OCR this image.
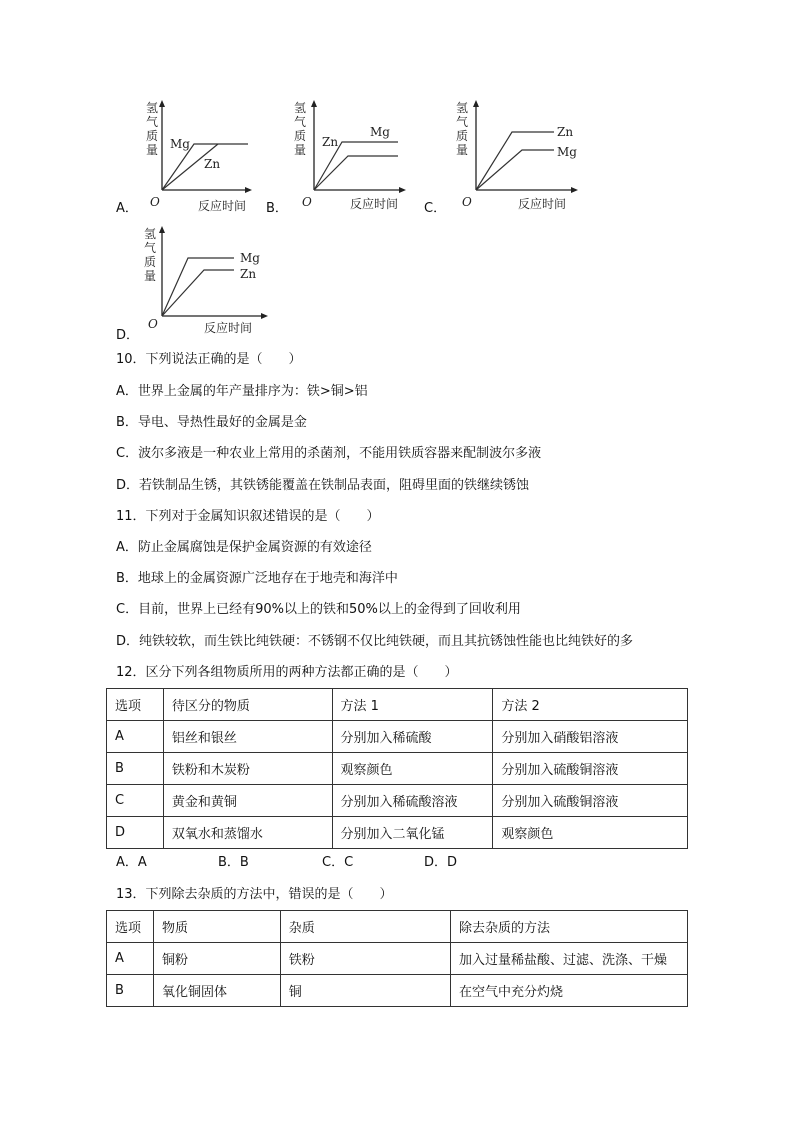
A．
氢
气
质
量 Mg
Zn
O	反应时间 B．
氢
气
质
量
Mg
Zn
O	反应时间 C．
氢
气
质
量
Zn
Mg
O	反应时间
D．
氢
气
质
量
Mg
Zn
O	反应时间
10．下列说法正确的是（　　）
A．世界上金属的年产量排序为：铁>铜>铝
B．导电、导热性最好的金属是金
C．波尔多液是一种农业上常用的杀菌剂，不能用铁质容器来配制波尔多液
D．若铁制品生锈，其铁锈能覆盖在铁制品表面，阻碍里面的铁继续锈蚀
11．下列对于金属知识叙述错误的是（　　）
A．防止金属腐蚀是保护金属资源的有效途径
B．地球上的金属资源广泛地存在于地壳和海洋中
C．目前，世界上已经有90%以上的铁和50%以上的金得到了回收利用
D．纯铁较软，而生铁比纯铁硬：不锈钢不仅比纯铁硬，而且其抗锈蚀性能也比纯铁好的多
12．区分下列各组物质所用的两种方法都正确的是（　　）
选项	待区分的物质	方法 1	方法 2
A	铝丝和银丝	分别加入稀硫酸	分别加入硝酸铝溶液
B	铁粉和木炭粉	观察颜色	分别加入硫酸铜溶液
C	黄金和黄铜	分别加入稀硫酸溶液	分别加入硫酸铜溶液
D	双氧水和蒸馏水	分别加入二氧化锰	观察颜色
A．A	B．B	C．C	D．D
13．下列除去杂质的方法中，错误的是（　　）
选项	物质	杂质	除去杂质的方法
A	铜粉	铁粉	加入过量稀盐酸、过滤、洗涤、干燥
B	氧化铜固体	铜	在空气中充分灼烧
